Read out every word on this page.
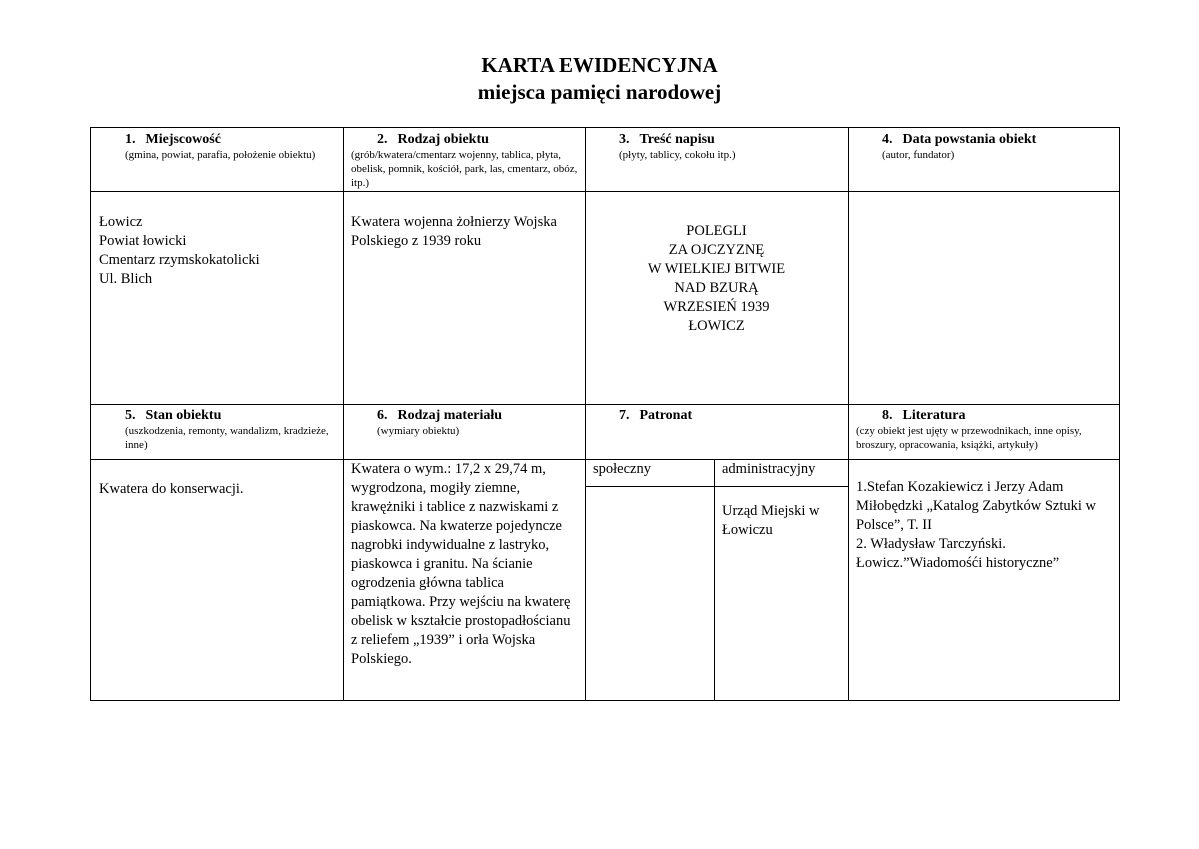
KARTA EWIDENCYJNA
miejsca pamięci narodowej
1. Miejscowość
(gmina, powiat, parafia, położenie obiektu)
2. Rodzaj obiektu
(grób/kwatera/cmentarz wojenny, tablica, płyta, obelisk, pomnik, kościół, park, las, cmentarz, obóz, itp.)
3. Treść napisu
(płyty, tablicy, cokołu itp.)
4. Data powstania obiekt
(autor, fundator)
Łowicz
Powiat łowicki
Cmentarz rzymskokatolicki
Ul. Blich
Kwatera wojenna żołnierzy Wojska Polskiego z 1939 roku
POLEGLI
ZA OJCZYZNĘ
W WIELKIEJ BITWIE
NAD BZURĄ
WRZESIEŃ 1939
ŁOWICZ
5. Stan obiektu
(uszkodzenia, remonty, wandalizm, kradzieże, inne)
6. Rodzaj materiału
(wymiary obiektu)
7. Patronat	8. Literatura
(czy obiekt jest ujęty w przewodnikach, inne opisy, broszury, opracowania, książki, artykuły)
Kwatera do konserwacji.
Kwatera o wym.: 17,2 x 29,74 m, wygrodzona, mogiły ziemne, krawężniki i tablice z nazwiskami z piaskowca. Na kwaterze pojedyncze nagrobki indywidualne z lastryko, piaskowca i granitu. Na ścianie ogrodzenia główna tablica pamiątkowa. Przy wejściu na kwaterę obelisk w kształcie prostopadłościanu z reliefem „1939” i orła Wojska Polskiego.
społeczny	administracyjny
Urząd Miejski w Łowiczu
1.Stefan Kozakiewicz i Jerzy Adam Miłobędzki „Katalog Zabytków Sztuki w Polsce”, T. II
2. Władysław Tarczyński. Łowicz.”Wiadomośći historyczne”
